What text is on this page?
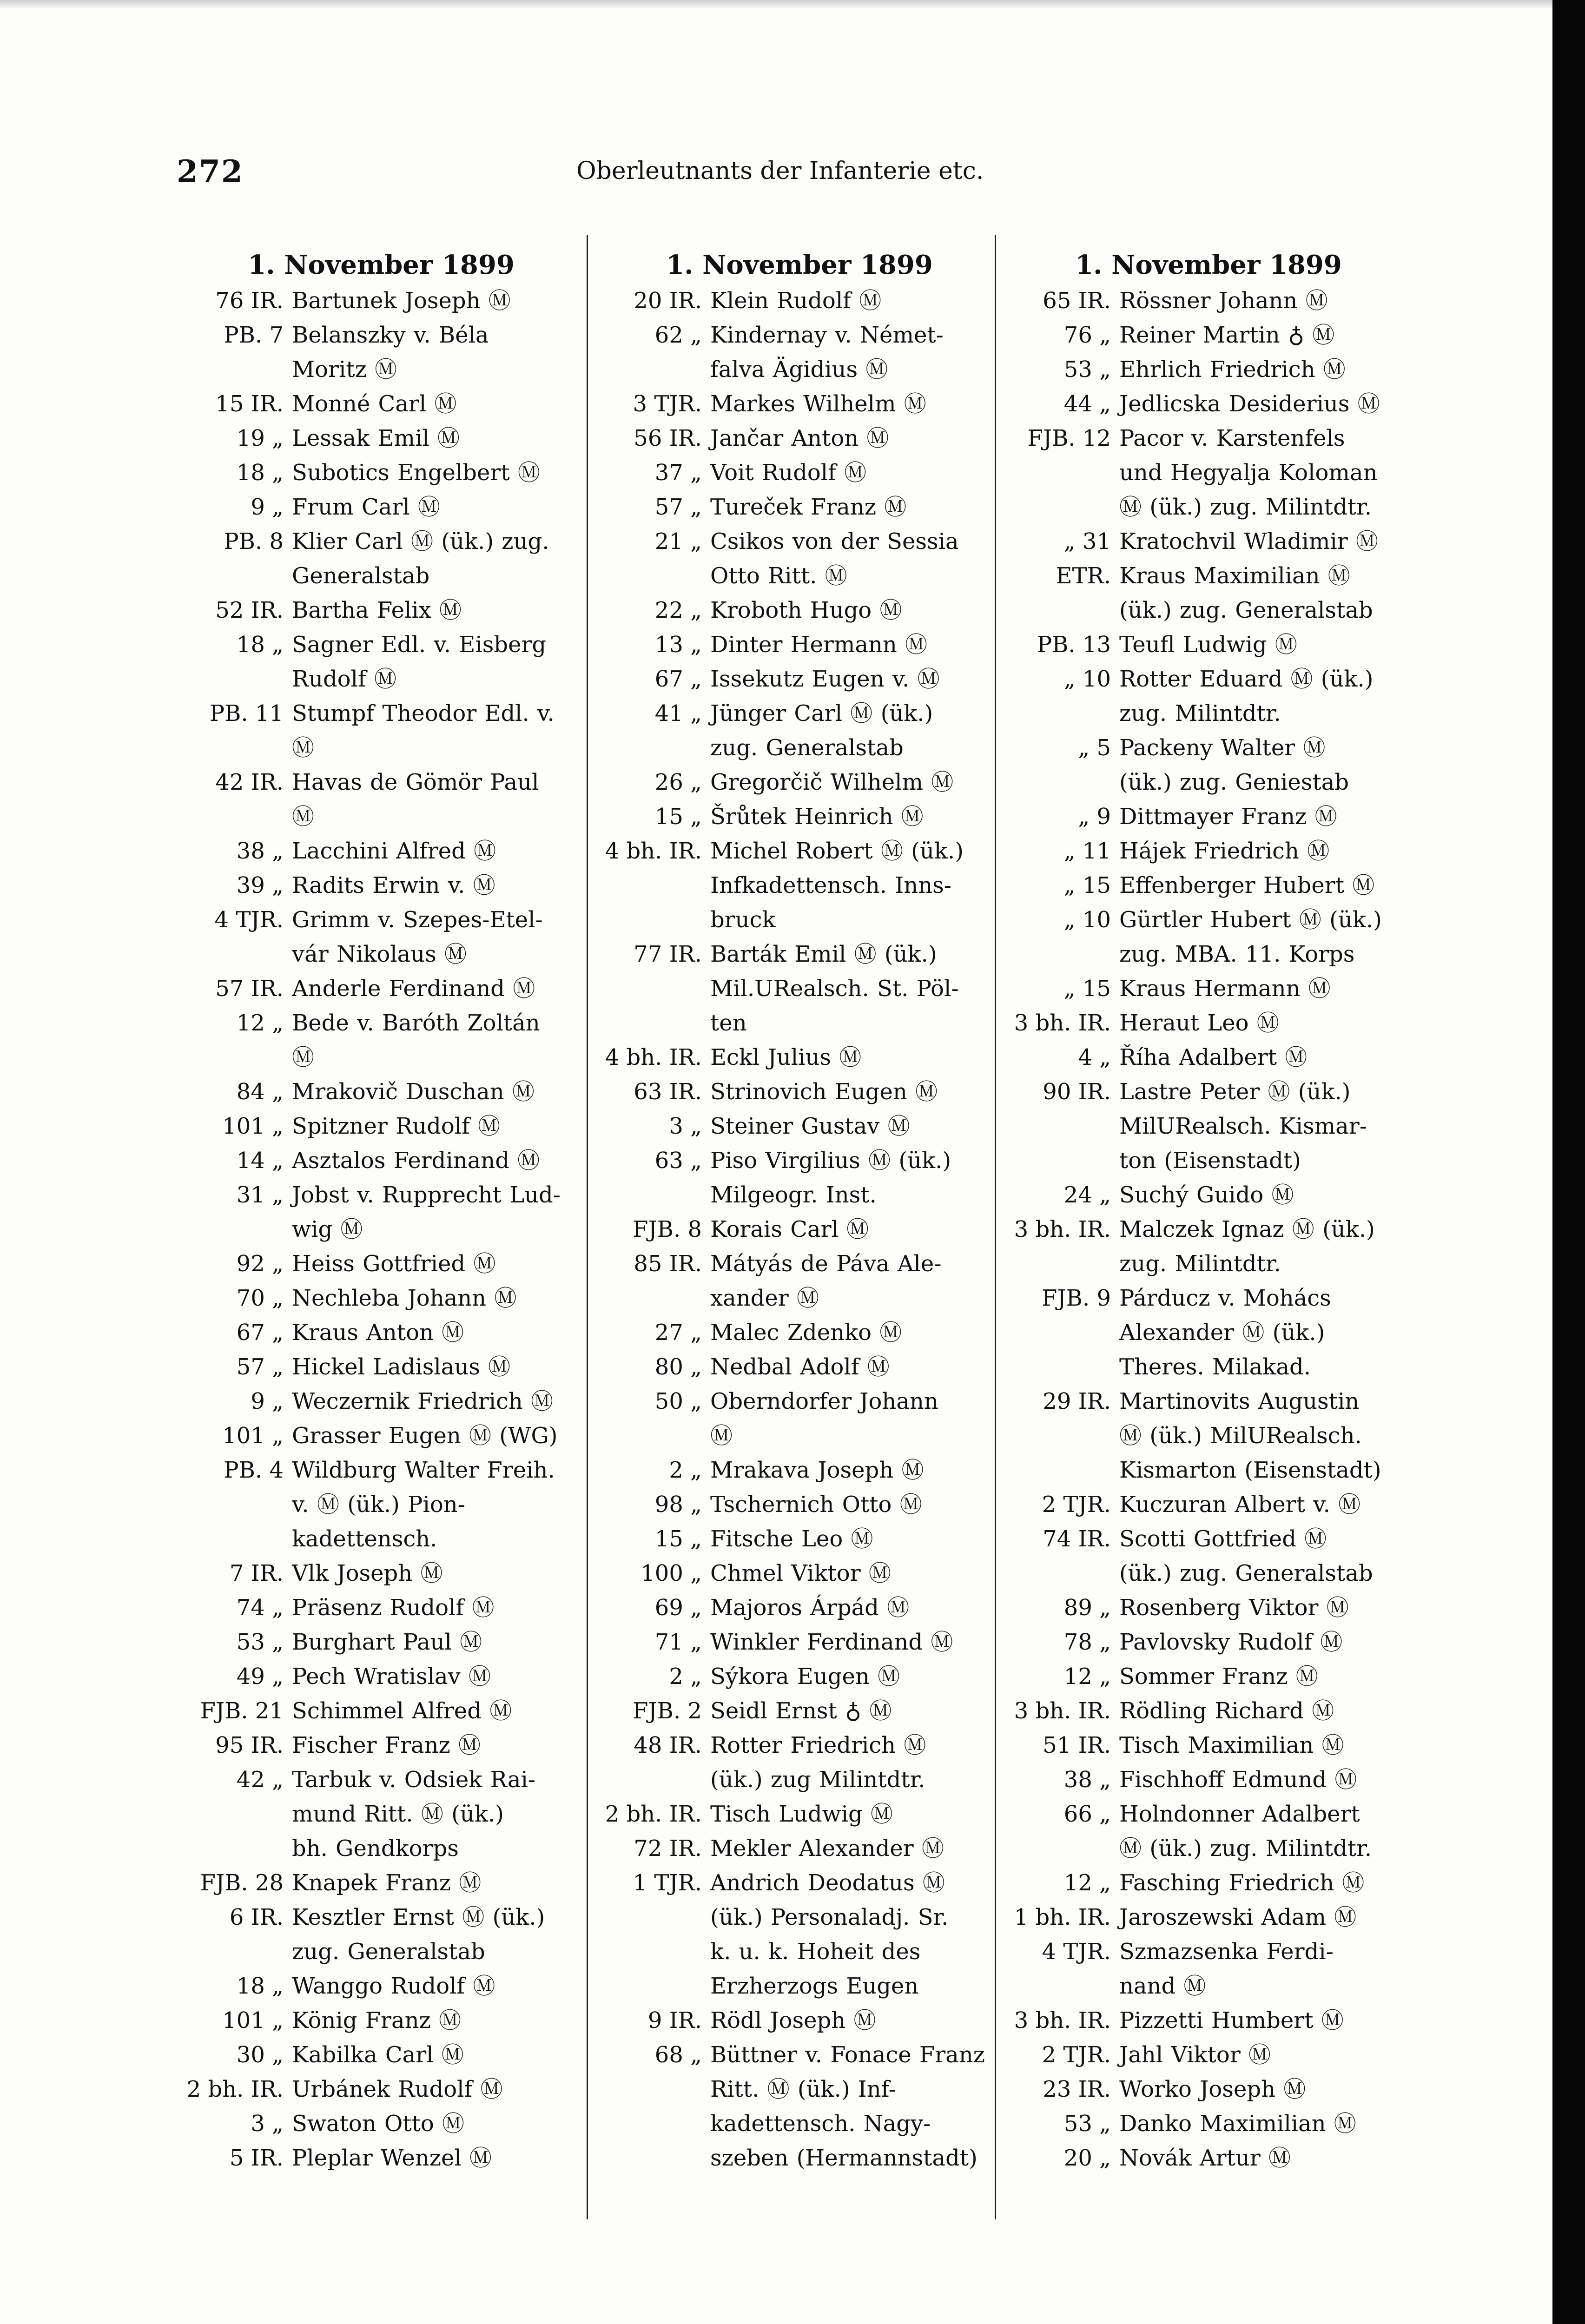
272	Oberleutnants der Infanterie etc.
1. November 1899
76 IR. Bartunek Joseph Ⓜ
PB. 7 Belanszky v. Béla
Moritz Ⓜ
15 IR. Monné Carl Ⓜ
19 „ Lessak Emil Ⓜ
18 „ Subotics Engelbert Ⓜ
9 „ Frum Carl Ⓜ
PB. 8 Klier Carl Ⓜ (ük.) zug.
Generalstab
52 IR. Bartha Felix Ⓜ
18 „ Sagner Edl. v. Eisberg
Rudolf Ⓜ
PB. 11 Stumpf Theodor Edl. v.
Ⓜ
42 IR. Havas de Gömör Paul
Ⓜ
38 „ Lacchini Alfred Ⓜ
39 „ Radits Erwin v. Ⓜ
4 TJR. Grimm v. Szepes-Etel-
vár Nikolaus Ⓜ
57 IR. Anderle Ferdinand Ⓜ
12 „ Bede v. Baróth Zoltán
Ⓜ
84 „ Mrakovič Duschan Ⓜ
101 „ Spitzner Rudolf Ⓜ
14 „ Asztalos Ferdinand Ⓜ
31 „ Jobst v. Rupprecht Lud-
wig Ⓜ
92 „ Heiss Gottfried Ⓜ
70 „ Nechleba Johann Ⓜ
67 „ Kraus Anton Ⓜ
57 „ Hickel Ladislaus Ⓜ
9 „ Weczernik Friedrich Ⓜ
101 „ Grasser Eugen Ⓜ (WG)
PB. 4 Wildburg Walter Freih.
v. Ⓜ (ük.) Pion-
kadettensch.
7 IR. Vlk Joseph Ⓜ
74 „ Präsenz Rudolf Ⓜ
53 „ Burghart Paul Ⓜ
49 „ Pech Wratislav Ⓜ
FJB. 21 Schimmel Alfred Ⓜ
95 IR. Fischer Franz Ⓜ
42 „ Tarbuk v. Odsiek Rai-
mund Ritt. Ⓜ (ük.)
bh. Gendkorps
FJB. 28 Knapek Franz Ⓜ
6 IR. Kesztler Ernst Ⓜ (ük.)
zug. Generalstab
18 „ Wanggo Rudolf Ⓜ
101 „ König Franz Ⓜ
30 „ Kabilka Carl Ⓜ
2 bh. IR. Urbánek Rudolf Ⓜ
3 „ Swaton Otto Ⓜ
5 IR. Pleplar Wenzel Ⓜ
1. November 1899
20 IR. Klein Rudolf Ⓜ
62 „ Kindernay v. Német-
falva Ägidius Ⓜ
3 TJR. Markes Wilhelm Ⓜ
56 IR. Jančar Anton Ⓜ
37 „ Voit Rudolf Ⓜ
57 „ Tureček Franz Ⓜ
21 „ Csikos von der Sessia
Otto Ritt. Ⓜ
22 „ Kroboth Hugo Ⓜ
13 „ Dinter Hermann Ⓜ
67 „ Issekutz Eugen v. Ⓜ
41 „ Jünger Carl Ⓜ (ük.)
zug. Generalstab
26 „ Gregorčič Wilhelm Ⓜ
15 „ Šrůtek Heinrich Ⓜ
4 bh. IR. Michel Robert Ⓜ (ük.)
Infkadettensch. Inns-
bruck
77 IR. Barták Emil Ⓜ (ük.)
Mil.URealsch. St. Pöl-
ten
4 bh. IR. Eckl Julius Ⓜ
63 IR. Strinovich Eugen Ⓜ
3 „ Steiner Gustav Ⓜ
63 „ Piso Virgilius Ⓜ (ük.)
Milgeogr. Inst.
FJB. 8 Korais Carl Ⓜ
85 IR. Mátyás de Páva Ale-
xander Ⓜ
27 „ Malec Zdenko Ⓜ
80 „ Nedbal Adolf Ⓜ
50 „ Oberndorfer Johann
Ⓜ
2 „ Mrakava Joseph Ⓜ
98 „ Tschernich Otto Ⓜ
15 „ Fitsche Leo Ⓜ
100 „ Chmel Viktor Ⓜ
69 „ Majoros Árpád Ⓜ
71 „ Winkler Ferdinand Ⓜ
2 „ Sýkora Eugen Ⓜ
FJB. 2 Seidl Ernst ♁ Ⓜ
48 IR. Rotter Friedrich Ⓜ
(ük.) zug Milintdtr.
2 bh. IR. Tisch Ludwig Ⓜ
72 IR. Mekler Alexander Ⓜ
1 TJR. Andrich Deodatus Ⓜ
(ük.) Personaladj. Sr.
k. u. k. Hoheit des
Erzherzogs Eugen
9 IR. Rödl Joseph Ⓜ
68 „ Büttner v. Fonace Franz
Ritt. Ⓜ (ük.) Inf-
kadettensch. Nagy-
szeben (Hermannstadt)
1. November 1899
65 IR. Rössner Johann Ⓜ
76 „ Reiner Martin ♁ Ⓜ
53 „ Ehrlich Friedrich Ⓜ
44 „ Jedlicska Desiderius Ⓜ
FJB. 12 Pacor v. Karstenfels
und Hegyalja Koloman
Ⓜ (ük.) zug. Milintdtr.
„ 31 Kratochvil Wladimir Ⓜ
ETR. Kraus Maximilian Ⓜ
(ük.) zug. Generalstab
PB. 13 Teufl Ludwig Ⓜ
„ 10 Rotter Eduard Ⓜ (ük.)
zug. Milintdtr.
„ 5 Packeny Walter Ⓜ
(ük.) zug. Geniestab
„ 9 Dittmayer Franz Ⓜ
„ 11 Hájek Friedrich Ⓜ
„ 15 Effenberger Hubert Ⓜ
„ 10 Gürtler Hubert Ⓜ (ük.)
zug. MBA. 11. Korps
„ 15 Kraus Hermann Ⓜ
3 bh. IR. Heraut Leo Ⓜ
4 „ Říha Adalbert Ⓜ
90 IR. Lastre Peter Ⓜ (ük.)
MilURealsch. Kismar-
ton (Eisenstadt)
24 „ Suchý Guido Ⓜ
3 bh. IR. Malczek Ignaz Ⓜ (ük.)
zug. Milintdtr.
FJB. 9 Párducz v. Mohács
Alexander Ⓜ (ük.)
Theres. Milakad.
29 IR. Martinovits Augustin
Ⓜ (ük.) MilURealsch.
Kismarton (Eisenstadt)
2 TJR. Kuczuran Albert v. Ⓜ
74 IR. Scotti Gottfried Ⓜ
(ük.) zug. Generalstab
89 „ Rosenberg Viktor Ⓜ
78 „ Pavlovsky Rudolf Ⓜ
12 „ Sommer Franz Ⓜ
3 bh. IR. Rödling Richard Ⓜ
51 IR. Tisch Maximilian Ⓜ
38 „ Fischhoff Edmund Ⓜ
66 „ Holndonner Adalbert
Ⓜ (ük.) zug. Milintdtr.
12 „ Fasching Friedrich Ⓜ
1 bh. IR. Jaroszewski Adam Ⓜ
4 TJR. Szmazsenka Ferdi-
nand Ⓜ
3 bh. IR. Pizzetti Humbert Ⓜ
2 TJR. Jahl Viktor Ⓜ
23 IR. Worko Joseph Ⓜ
53 „ Danko Maximilian Ⓜ
20 „ Novák Artur Ⓜ
